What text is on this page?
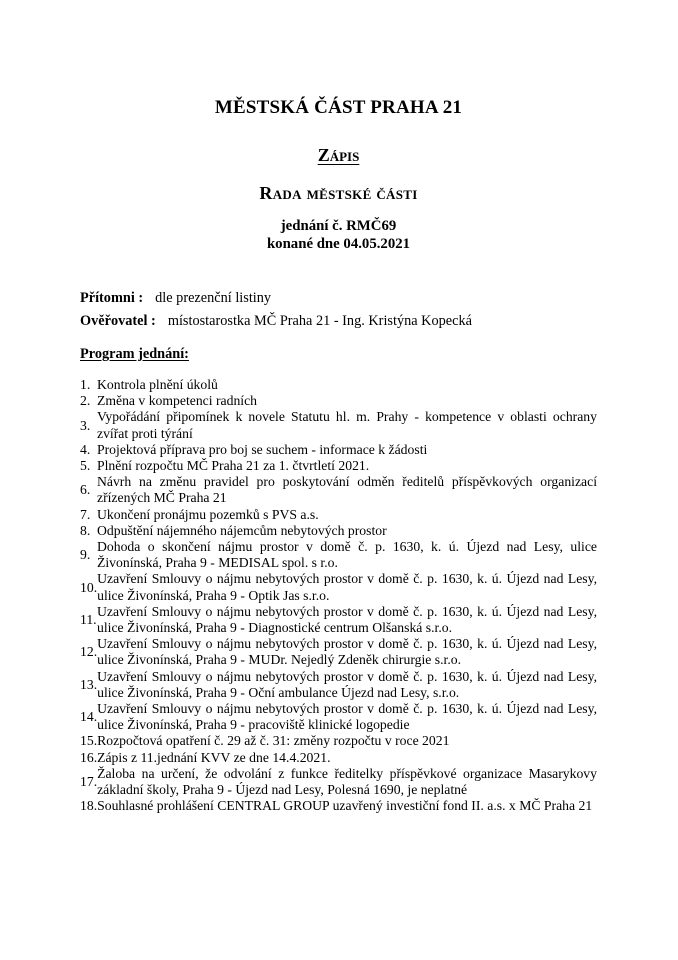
MĚSTSKÁ ČÁST PRAHA 21
Zápis
Rada městské části
jednání č. RMČ69
konané dne 04.05.2021
Přítomni : dle prezenční listiny
Ověřovatel : místostarostka MČ Praha 21 - Ing. Kristýna Kopecká
Program jednání:
1. Kontrola plnění úkolů
2. Změna v kompetenci radních
3.
Vypořádání připomínek k novele Statutu hl. m. Prahy - kompetence v oblasti ochrany zvířat proti týrání
4. Projektová příprava pro boj se suchem - informace k žádosti
5. Plnění rozpočtu MČ Praha 21 za 1. čtvrtletí 2021.
6.
Návrh na změnu pravidel pro poskytování odměn ředitelů příspěvkových organizací zřízených MČ Praha 21
7. Ukončení pronájmu pozemků s PVS a.s.
8. Odpuštění nájemného nájemcům nebytových prostor
9.
Dohoda o skončení nájmu prostor v domě č. p. 1630, k. ú. Újezd nad Lesy, ulice Živonínská, Praha 9 - MEDISAL spol. s r.o.
10.
Uzavření Smlouvy o nájmu nebytových prostor v domě č. p. 1630, k. ú. Újezd nad Lesy, ulice Živonínská, Praha 9 - Optik Jas s.r.o.
11.
Uzavření Smlouvy o nájmu nebytových prostor v domě č. p. 1630, k. ú. Újezd nad Lesy, ulice Živonínská, Praha 9 - Diagnostické centrum Olšanská s.r.o.
12.
Uzavření Smlouvy o nájmu nebytových prostor v domě č. p. 1630, k. ú. Újezd nad Lesy, ulice Živonínská, Praha 9 - MUDr. Nejedlý Zdeněk chirurgie s.r.o.
13.
Uzavření Smlouvy o nájmu nebytových prostor v domě č. p. 1630, k. ú. Újezd nad Lesy, ulice Živonínská, Praha 9 - Oční ambulance Újezd nad Lesy, s.r.o.
14.
Uzavření Smlouvy o nájmu nebytových prostor v domě č. p. 1630, k. ú. Újezd nad Lesy, ulice Živonínská, Praha 9 - pracoviště klinické logopedie
15. Rozpočtová opatření č. 29 až č. 31: změny rozpočtu v roce 2021
16. Zápis z 11.jednání KVV ze dne 14.4.2021.
17.
Žaloba na určení, že odvolání z funkce ředitelky příspěvkové organizace Masarykovy základní školy, Praha 9 - Újezd nad Lesy, Polesná 1690, je neplatné
18. Souhlasné prohlášení CENTRAL GROUP uzavřený investiční fond II. a.s. x MČ Praha 21
